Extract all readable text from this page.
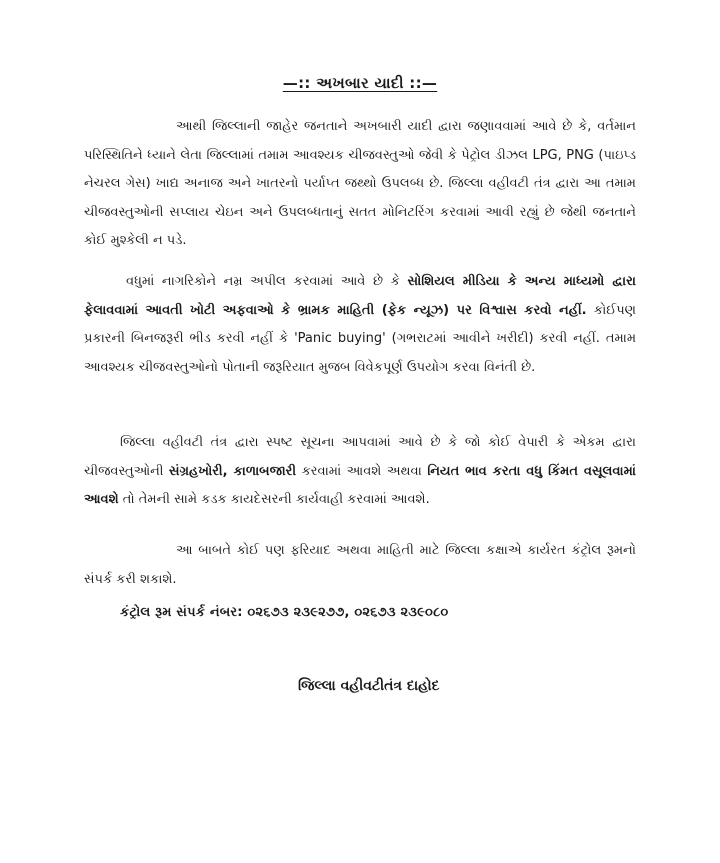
—:: અખબાર યાદી ::—
આથી જિલ્લાની જાહેર જનતાને અખબારી યાદી દ્વારા જણાવવામાં આવે છે કે, વર્તમાન પરિસ્થિતિને ધ્યાને લેતા જિલ્લામાં તમામ આવશ્યક ચીજવસ્તુઓ જેવી કે પેટ્રોલ ડીઝલ LPG, PNG (પાઇપ્ડ નેચરલ ગેસ) ખાદ્ય અનાજ અને ખાતરનો પર્યાપ્ત જથ્થો ઉપલબ્ધ છે. જિલ્લા વહીવટી તંત્ર દ્વારા આ તમામ ચીજવસ્તુઓની સપ્લાય ચેઇન અને ઉપલબ્ધતાનું સતત મોનિટરિંગ કરવામાં આવી રહ્યું છે જેથી જનતાને કોઈ મુશ્કેલી ન પડે.
વધુમાં નાગરિકોને નમ્ર અપીલ કરવામાં આવે છે કે સોશિયલ મીડિયા કે અન્ય માધ્યમો દ્વારા ફેલાવવામાં આવતી ખોટી અફવાઓ કે ભ્રામક માહિતી (ફેક ન્યૂઝ) પર વિશ્વાસ કરવો નહીં. કોઈપણ પ્રકારની બિનજરૂરી ભીડ કરવી નહીં કે 'Panic buying' (ગભરાટમાં આવીને ખરીદી) કરવી નહીં. તમામ આવશ્યક ચીજવસ્તુઓનો પોતાની જરૂરિયાત મુજબ વિવેકપૂર્ણ ઉપયોગ કરવા વિનંતી છે.
જિલ્લા વહીવટી તંત્ર દ્વારા સ્પષ્ટ સૂચના આપવામાં આવે છે કે જો કોઈ વેપારી કે એકમ દ્વારા ચીજવસ્તુઓની સંગ્રહખોરી, કાળાબજારી કરવામાં આવશે અથવા નિયત ભાવ કરતા વધુ કિંમત વસૂલવામાં આવશે તો તેમની સામે કડક કાયદેસરની કાર્યવાહી કરવામાં આવશે.
આ બાબતે કોઈ પણ ફરિયાદ અથવા માહિતી માટે જિલ્લા કક્ષાએ કાર્યરત કંટ્રોલ રૂમનો સંપર્ક કરી શકાશે.
કંટ્રોલ રૂમ સંપર્ક નંબર: ૦૨૬૭૩ ૨૩૯૨૭૭, ૦૨૬૭૩ ૨૩૯૦૮૦
જિલ્લા વહીવટીતંત્ર દાહોદ
